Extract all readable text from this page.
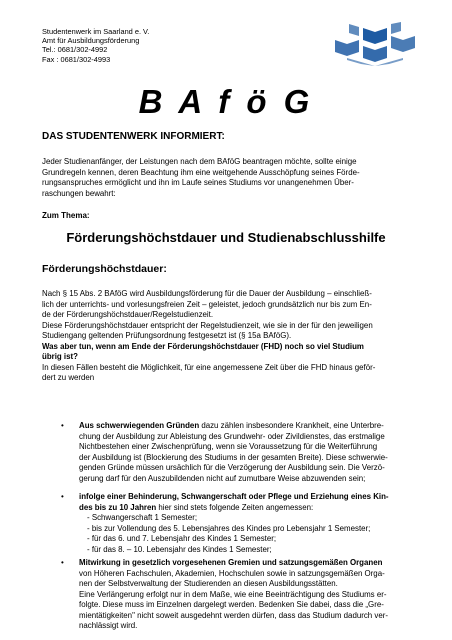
Studentenwerk im Saarland e. V.
Amt für Ausbildungsförderung
Tel.: 0681/302-4992
Fax : 0681/302-4993
B A f ö G
DAS STUDENTENWERK INFORMIERT:
Jeder Studienanfänger, der Leistungen nach dem BAföG beantragen möchte, sollte einige
Grundregeln kennen, deren Beachtung ihm eine weitgehende Ausschöpfung seines Förde-
rungsanspruches ermöglicht und ihn im Laufe seines Studiums vor unangenehmen Über-
raschungen bewahrt:
Zum Thema:
Förderungshöchstdauer und Studienabschlusshilfe
Förderungshöchstdauer:
Nach § 15 Abs. 2 BAföG wird Ausbildungsförderung für die Dauer der Ausbildung – einschließ-
lich der unterrichts- und vorlesungsfreien Zeit – geleistet, jedoch grundsätzlich nur bis zum En-
de der Förderungshöchstdauer/Regelstudienzeit.
Diese Förderungshöchstdauer entspricht der Regelstudienzeit, wie sie in der für den jeweiligen
Studiengang geltenden Prüfungsordnung festgesetzt ist (§ 15a BAföG).
Was aber tun, wenn am Ende der Förderungshöchstdauer (FHD) noch so viel Studium
übrig ist?
In diesen Fällen besteht die Möglichkeit, für eine angemessene Zeit über die FHD hinaus geför-
dert zu werden
•	Aus schwerwiegenden Gründen dazu zählen insbesondere Krankheit, eine Unterbre-
chung der Ausbildung zur Ableistung des Grundwehr- oder Zivildienstes, das erstmalige
Nichtbestehen einer Zwischenprüfung, wenn sie Voraussetzung für die Weiterführung
der Ausbildung ist (Blockierung des Studiums in der gesamten Breite). Diese schwerwie-
genden Gründe müssen ursächlich für die Verzögerung der Ausbildung sein. Die Verzö-
gerung darf für den Auszubildenden nicht auf zumutbare Weise abzuwenden sein;
•	infolge einer Behinderung, Schwangerschaft oder Pflege und Erziehung eines Kin-
des bis zu 10 Jahren hier sind stets folgende Zeiten angemessen:
- Schwangerschaft 1 Semester;
- bis zur Vollendung des 5. Lebensjahres des Kindes pro Lebensjahr 1 Semester;
- für das 6. und 7. Lebensjahr des Kindes 1 Semester;
- für das 8. – 10. Lebensjahr des Kindes 1 Semester;
•	Mitwirkung in gesetzlich vorgesehenen Gremien und satzungsgemäßen Organen
von Höheren Fachschulen, Akademien, Hochschulen sowie in satzungsgemäßen Orga-
nen der Selbstverwaltung der Studierenden an diesen Ausbildungsstätten.
Eine Verlängerung erfolgt nur in dem Maße, wie eine Beeinträchtigung des Studiums er-
folgte. Diese muss im Einzelnen dargelegt werden. Bedenken Sie dabei, dass die „Gre-
mientätigkeiten" nicht soweit ausgedehnt werden dürfen, dass das Studium dadurch ver-
nachlässigt wird.
